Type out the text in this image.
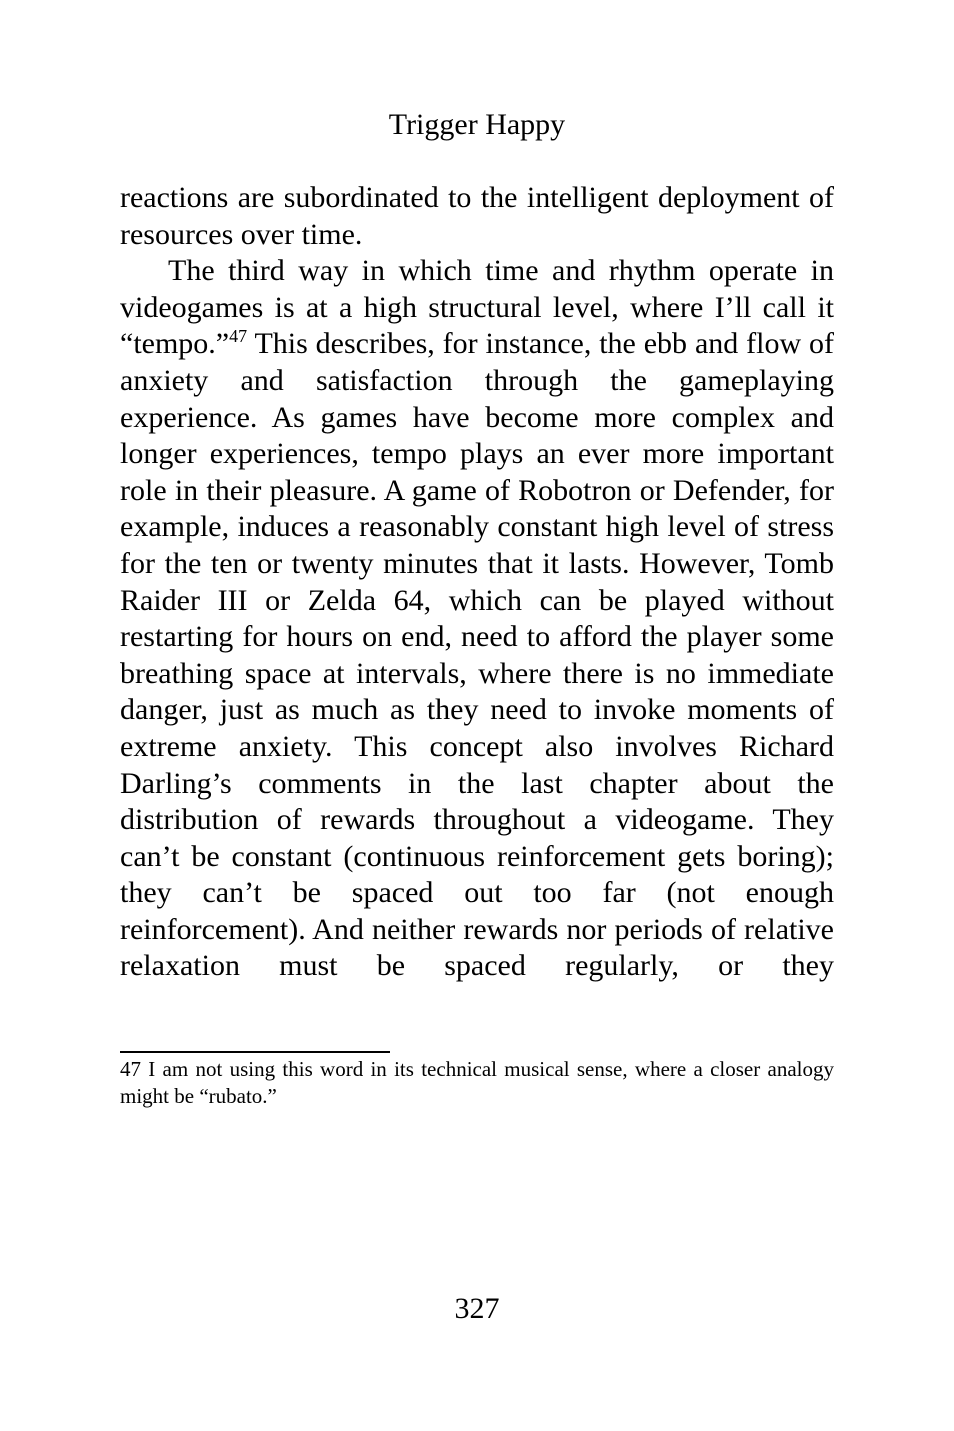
Trigger Happy

reactions are subordinated to the intelligent deployment of resources over time.

The third way in which time and rhythm operate in videogames is at a high structural level, where I’ll call it “tempo.”$^{47}$ This describes, for instance, the ebb and flow of anxiety and satisfaction through the gameplaying experience. As games have become more complex and longer experiences, tempo plays an ever more important role in their pleasure. A game of Robotron or Defender, for example, induces a reasonably constant high level of stress for the ten or twenty minutes that it lasts. However, Tomb Raider III or Zelda 64, which can be played without restarting for hours on end, need to afford the player some breathing space at intervals, where there is no immediate danger, just as much as they need to invoke moments of extreme anxiety. This concept also involves Richard Darling’s comments in the last chapter about the distribution of rewards throughout a videogame. They can’t be constant (continuous reinforcement gets boring); they can’t be spaced out too far (not enough reinforcement). And neither rewards nor periods of relative relaxation must be spaced regularly, or they

47 I am not using this word in its technical musical sense, where a closer analogy might be “rubato.”
327
